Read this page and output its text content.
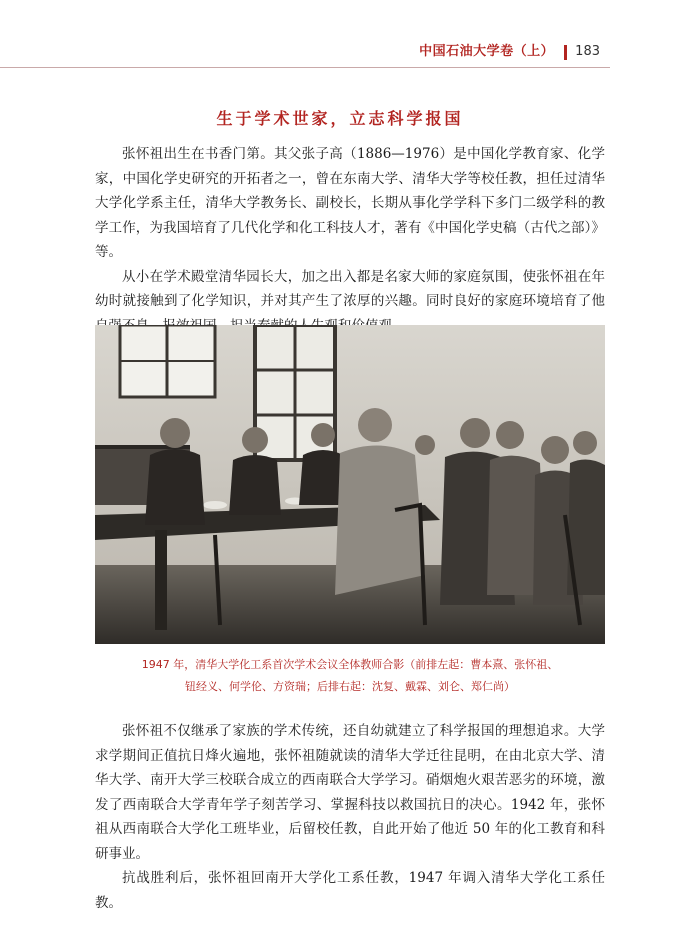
中国石油大学卷（上） 183
生于学术世家，立志科学报国

张怀祖出生在书香门第。其父张子高（1886—1976）是中国化学教育家、化学家，中国化学史研究的开拓者之一，曾在东南大学、清华大学等校任教，担任过清华大学化学系主任，清华大学教务长、副校长，长期从事化学学科下多门二级学科的教学工作，为我国培育了几代化学和化工科技人才，著有《中国化学史稿（古代之部）》等。

从小在学术殿堂清华园长大，加之出入都是名家大师的家庭氛围，使张怀祖在年幼时就接触到了化学知识，并对其产生了浓厚的兴趣。同时良好的家庭环境培育了他

1947 年，清华大学化工系首次学术会议全体教师合影（前排左起：曹本熹、张怀祖、
钮经义、何学伦、方资瑞；后排右起：沈复、戴霖、刘仑、郑仁尚）

张怀祖不仅继承了家族的学术传统，还自幼就建立了科学报国的理想追求。大学求学期间正值抗日烽火遍地，张怀祖随就读的清华大学迁往昆明，在由北京大学、清华大学、南开大学三校联合成立的西南联合大学学习。硝烟炮火艰苦恶劣的环境，激发了西南联合大学青年学子刻苦学习、掌握科技以救国抗日的决心。1942 年，张怀祖从西南联合大学化工班毕业，后留校任教，自此开始了他近 50 年的化工教育和科研事业。

抗战胜利后，张怀祖回南开大学化工系任教，1947 年调入清华大学化工系任教。
